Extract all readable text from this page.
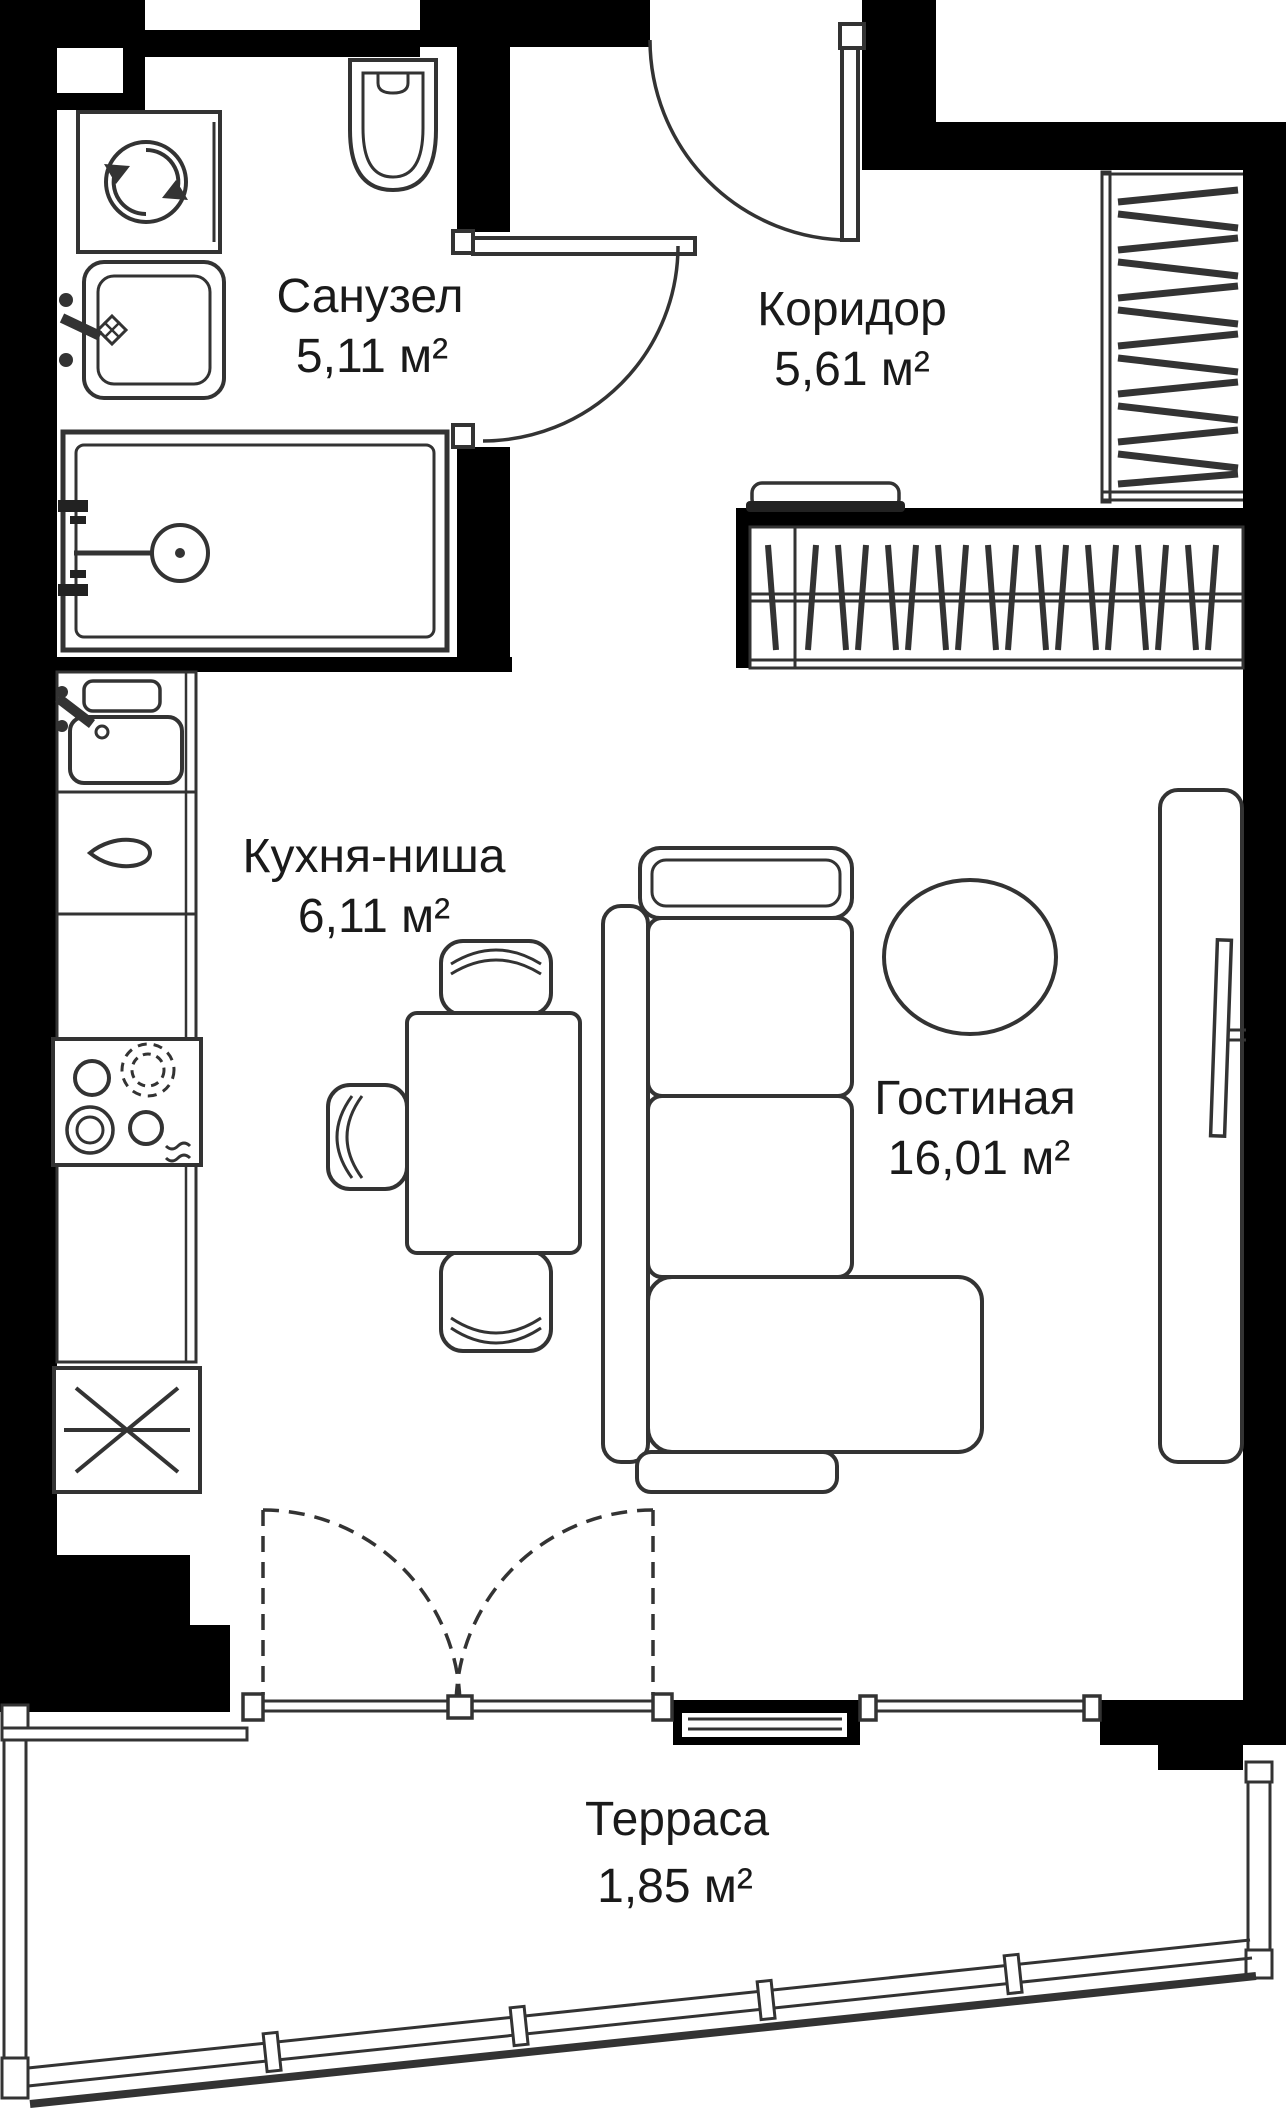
Санузел
5,11 м²
Коридор
5,61 м²
Кухня-ниша
6,11 м²
Гостиная
16,01 м²
Терраса
1,85 м²
